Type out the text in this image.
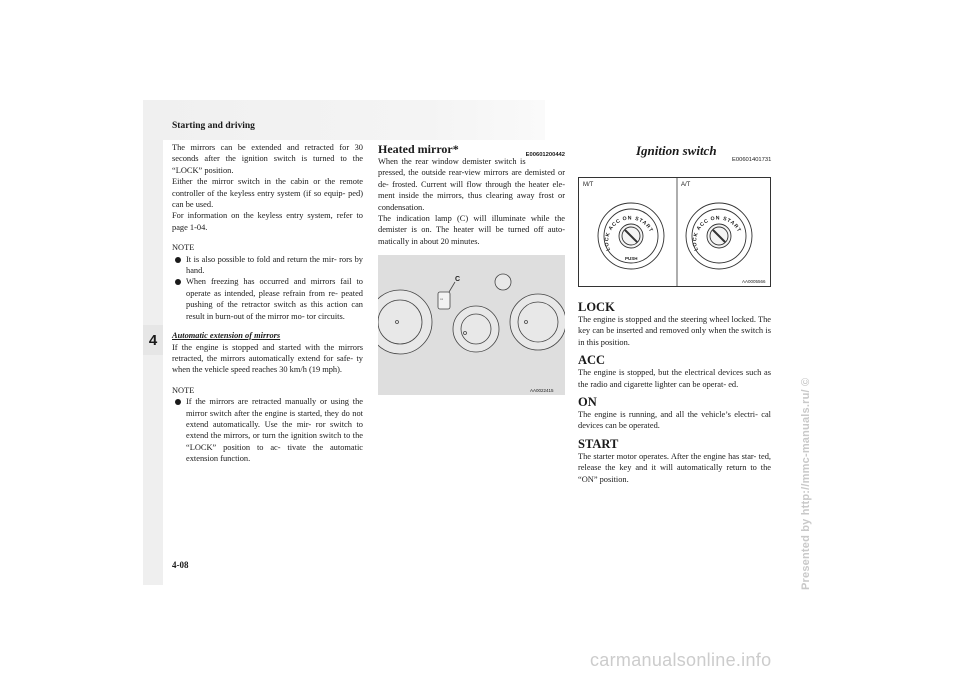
Starting and driving
4

The mirrors can be extended and retracted for 30 seconds after the ignition switch is turned to the “LOCK” position.

Either the mirror switch in the cabin or the remote controller of the keyless entry system (if so equip- ped) can be used.

For information on the keyless entry system, refer to page 1-04.

NOTE

It is also possible to fold and return the mir- rors by hand.
When freezing has occurred and mirrors fail to operate as intended, please refrain from re- peated pushing of the retractor switch as this action can result in burn-out of the mirror mo- tor circuits.

Automatic extension of mirrors

If the engine is stopped and started with the mirrors retracted, the mirrors automatically extend for safe- ty when the vehicle speed reaches 30 km/h (19 mph).

NOTE

If the mirrors are retracted manually or using the mirror switch after the engine is started, they do not extend automatically. Use the mir- ror switch to extend the mirrors, or turn the ignition switch to the “LOCK” position to ac- tivate the automatic extension function.

Heated mirror*	E00601200442

When the rear window demister switch is pressed, the outside rear-view mirrors are demisted or de- frosted. Current will flow through the heater ele- ment inside the mirrors, thus clearing away frost or condensation.

The indication lamp (C) will illuminate while the demister is on. The heater will be turned off auto- matically in about 20 minutes.

C
▭
AA0022415
Ignition switch
E00601401731
LOCK ACC ON START
LOCK ACC ON START
PUSH
M/T	A/T
AA0005566

LOCK

The engine is stopped and the steering wheel locked. The key can be inserted and removed only when the switch is in this position.

ACC

The engine is stopped, but the electrical devices such as the radio and cigarette lighter can be operat- ed.

ON

The engine is running, and all the vehicle’s electri- cal devices can be operated.

START

The starter motor operates. After the engine has star- ted, release the key and it will automatically return to the “ON” position.

4-08	Presented by http://mmc-manuals.ru/ ©
carmanualsonline.info
